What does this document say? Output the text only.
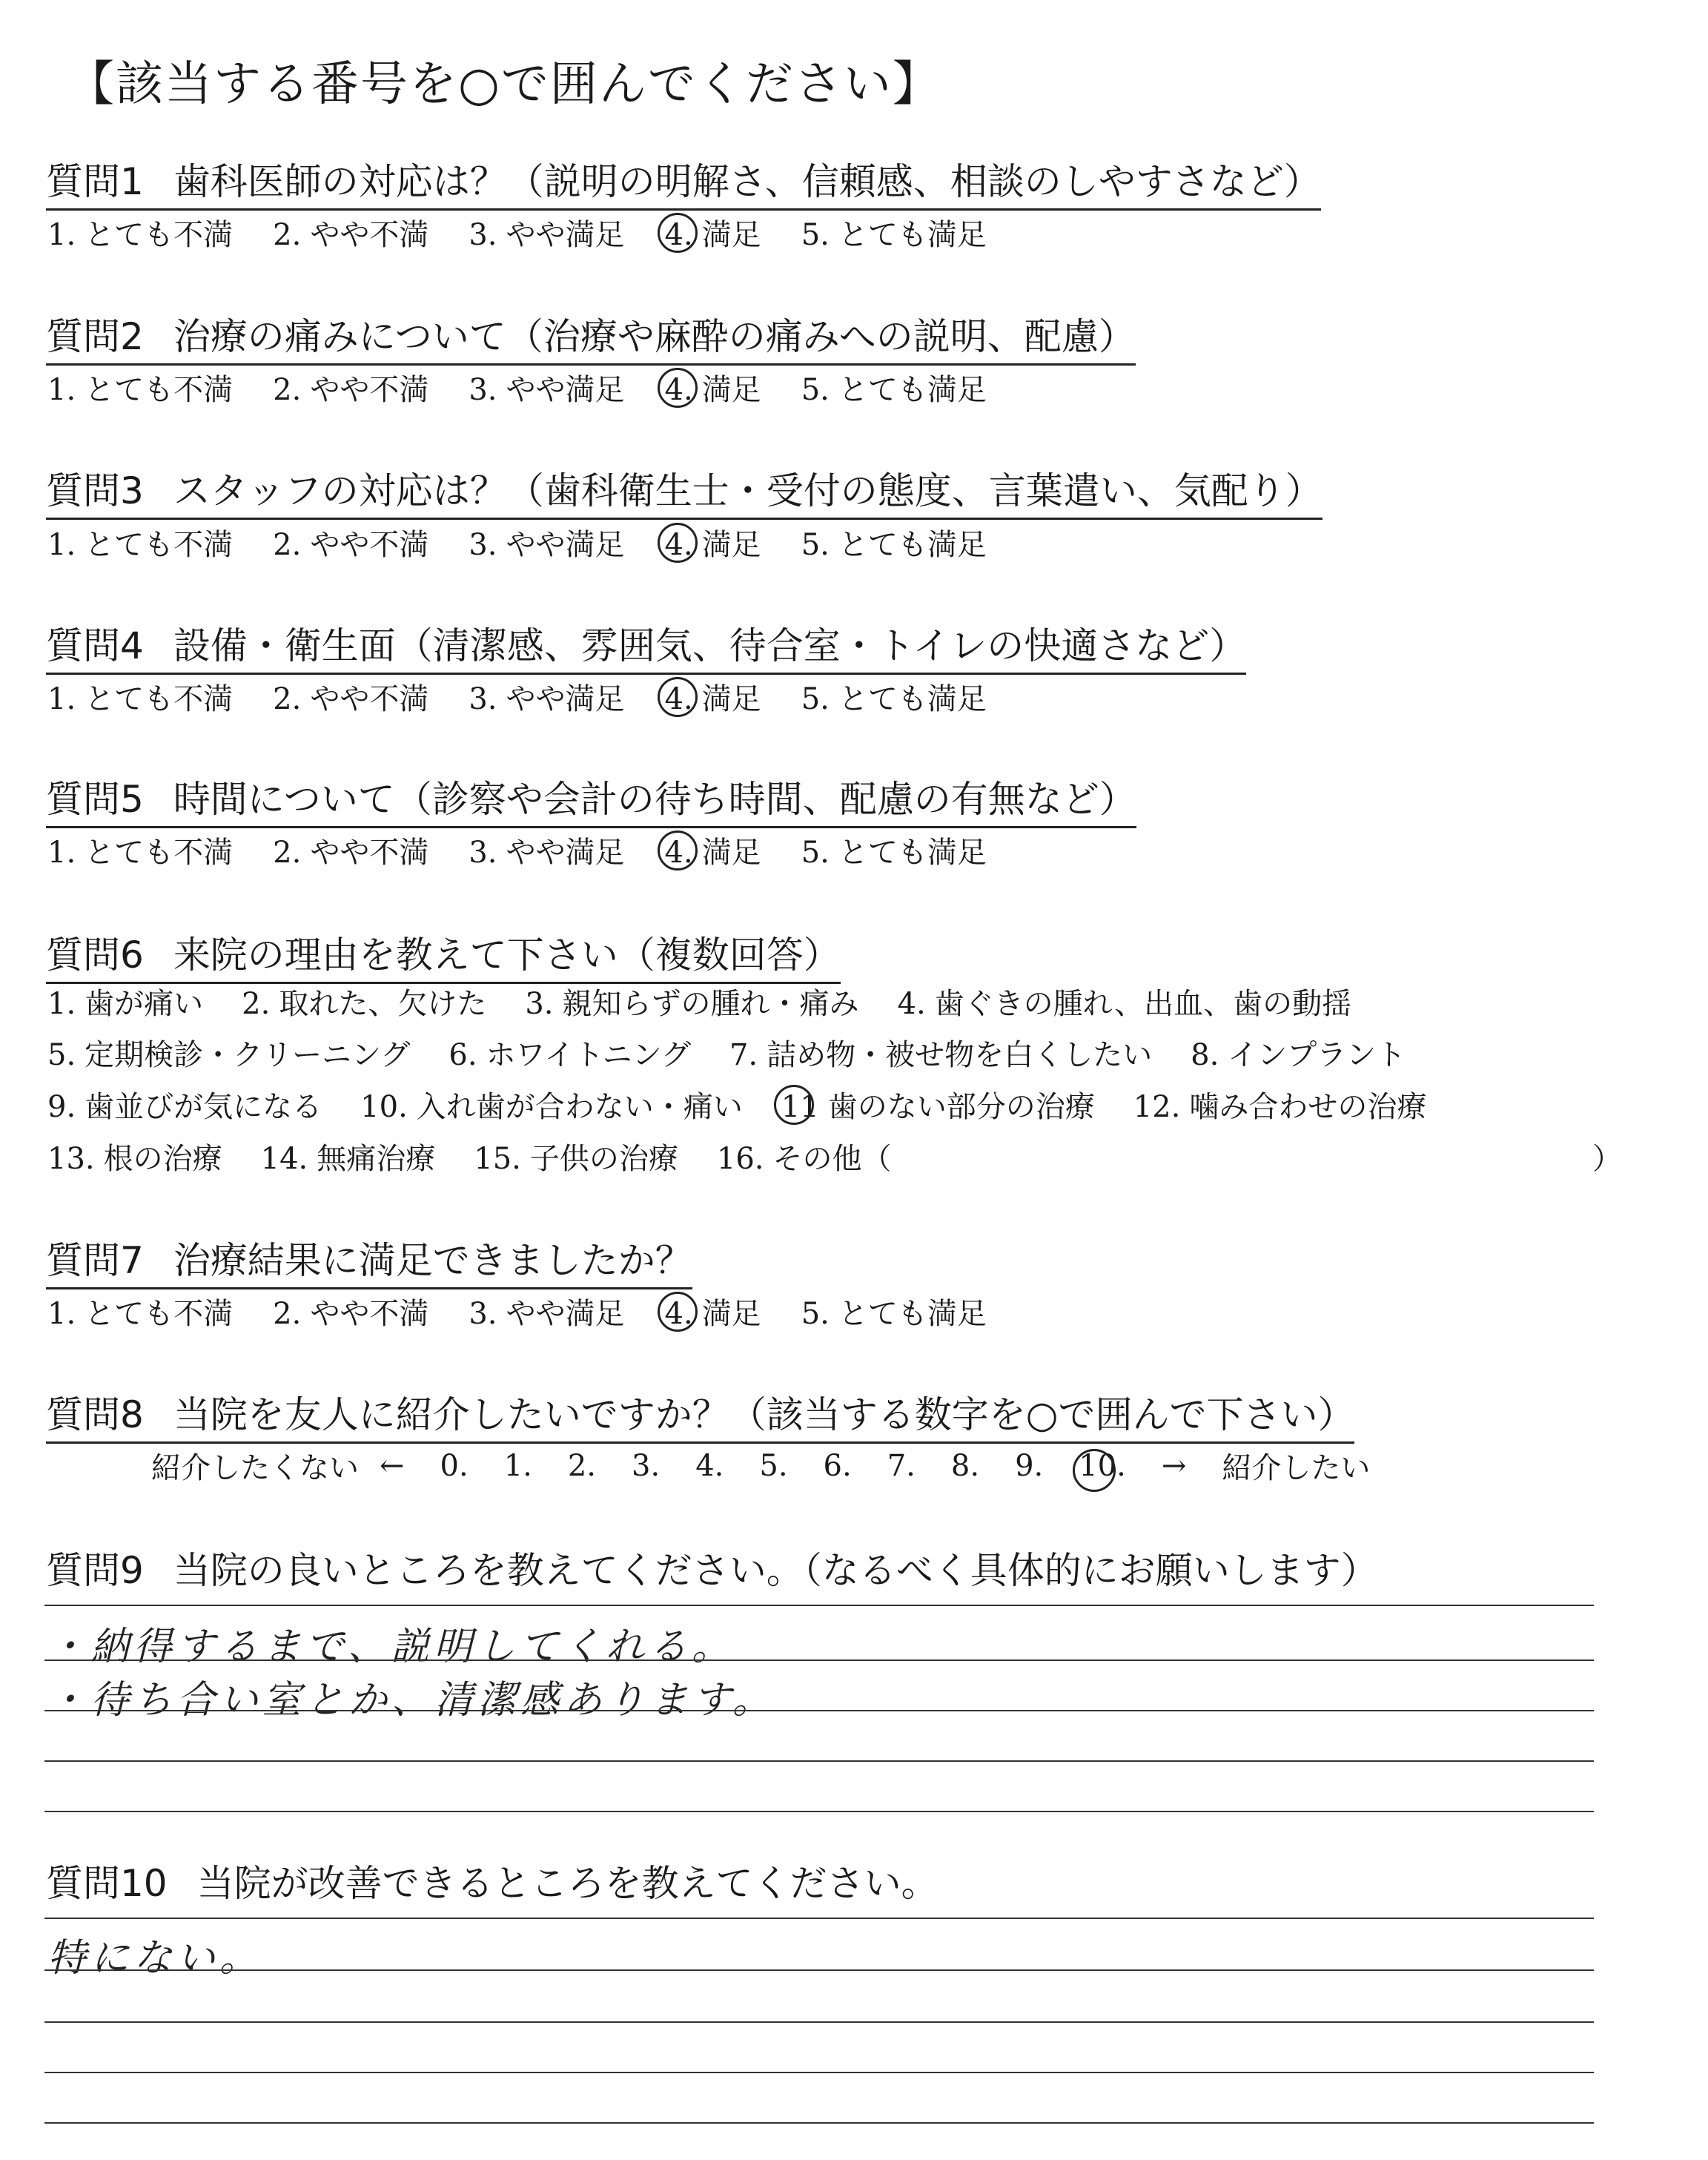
【該当する番号を○で囲んでください】
質問1 歯科医師の対応は？（説明の明解さ、信頼感、相談のしやすさなど）
1. とても不満 2. やや不満 3. やや満足 4. 満足 5. とても満足
質問2 治療の痛みについて（治療や麻酔の痛みへの説明、配慮）
1. とても不満 2. やや不満 3. やや満足 4. 満足 5. とても満足
質問3 スタッフの対応は？（歯科衛生士・受付の態度、言葉遣い、気配り）
1. とても不満 2. やや不満 3. やや満足 4. 満足 5. とても満足
質問4 設備・衛生面（清潔感、雰囲気、待合室・トイレの快適さなど）
1. とても不満 2. やや不満 3. やや満足 4. 満足 5. とても満足
質問5 時間について（診察や会計の待ち時間、配慮の有無など）
1. とても不満 2. やや不満 3. やや満足 4. 満足 5. とても満足
質問6 来院の理由を教えて下さい（複数回答）
1. 歯が痛い 2. 取れた、欠けた 3. 親知らずの腫れ・痛み 4. 歯ぐきの腫れ、出血、歯の動揺
5. 定期検診・クリーニング 6. ホワイトニング 7. 詰め物・被せ物を白くしたい 8. インプラント
9. 歯並びが気になる 10. 入れ歯が合わない・痛い 11 歯のない部分の治療 12. 噛み合わせの治療
13. 根の治療 14. 無痛治療 15. 子供の治療 16. その他（	）
質問7 治療結果に満足できましたか？
1. とても不満 2. やや不満 3. やや満足 4. 満足 5. とても満足
質問8 当院を友人に紹介したいですか？（該当する数字を○で囲んで下さい）
紹介したくない ← 0. 1. 2. 3. 4. 5. 6. 7. 8. 9. 10. → 紹介したい
質問9 当院の良いところを教えてください。（なるべく具体的にお願いします）
・納得するまで、説明してくれる。
・待ち合い室とか、清潔感あります。
質問10 当院が改善できるところを教えてください。
特にない。
